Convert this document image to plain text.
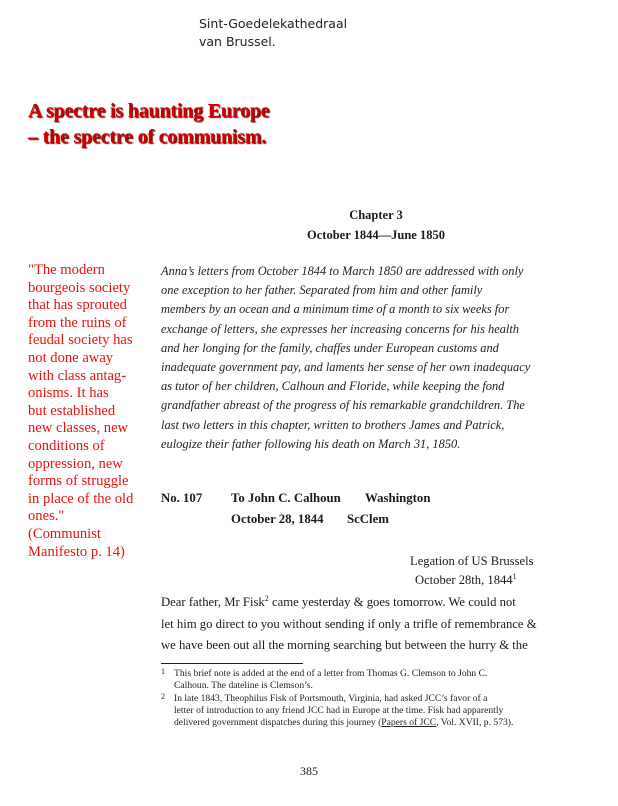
Sint-Goedelekathedraal
van Brussel.
A spectre is haunting Europe
– the spectre of communism.
Chapter 3
October 1844—June 1850
"The modern
bourgeois society
that has sprouted
from the ruins of
feudal society has
not done away
with class antag-
onisms. It has
but established
new classes, new
conditions of
oppression, new
forms of struggle
in place of the old
ones."
(Communist
Manifesto p. 14)
Anna’s letters from October 1844 to March 1850 are addressed with only
one exception to her father. Separated from him and other family
members by an ocean and a minimum time of a month to six weeks for
exchange of letters, she expresses her increasing concerns for his health
and her longing for the family, chaffes under European customs and
inadequate government pay, and laments her sense of her own inadequacy
as tutor of her children, Calhoun and Floride, while keeping the fond
grandfather abreast of the progress of his remarkable grandchildren. The
last two letters in this chapter, written to brothers James and Patrick,
eulogize their father following his death on March 31, 1850.
No. 107 To John C. Calhoun Washington
October 28, 1844 ScClem
Legation of US Brussels
October 28th, 1844$^1$
Dear father, Mr Fisk$^2$ came yesterday & goes tomorrow. We could not
let him go direct to you without sending if only a trifle of remembrance &
we have been out all the morning searching but between the hurry & the
1 This brief note is added at the end of a letter from Thomas G. Clemson to John C.
Calhoun. The dateline is Clemson’s.
2 In late 1843, Theophilus Fisk of Portsmouth, Virginia, had asked JCC’s favor of a
letter of introduction to any friend JCC had in Europe at the time. Fisk had apparently
delivered government dispatches during this journey (Papers of JCC, Vol. XVII, p. 573).
385
